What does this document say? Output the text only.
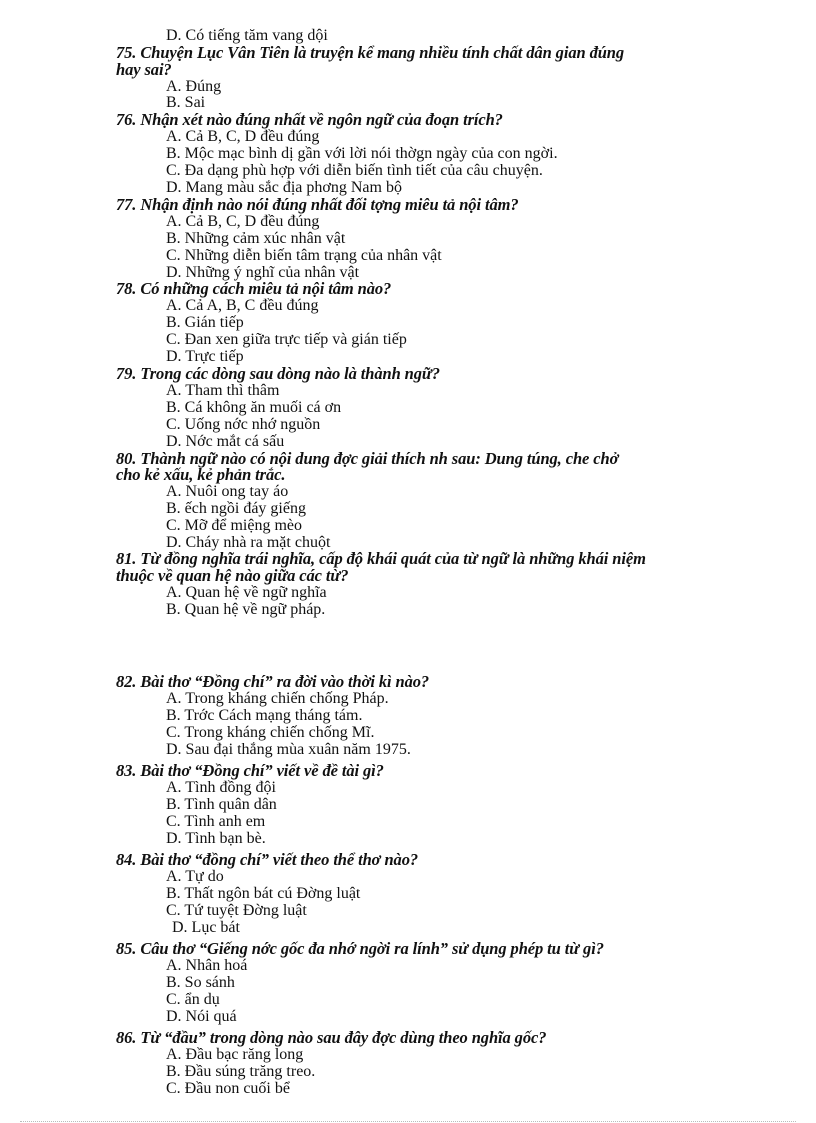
D. Có tiếng tăm vang dội
75. Chuyện Lục Vân Tiên là truyện kể mang nhiều tính chất dân gian đúng
hay sai?
A. Đúng
B. Sai
76. Nhận xét nào đúng nhất về ngôn ngữ của đoạn trích?
A. Cả B, C, D đều đúng
B. Mộc mạc bình dị gần với lời nói thờgn ngày của con ngời.
C. Đa dạng phù hợp với diễn biến tình tiết của câu chuyện.
D. Mang màu sắc địa phơng Nam bộ
77. Nhận định nào nói đúng nhất đối tợng miêu tả nội tâm?
A. Cả B, C, D đều đúng
B. Những cảm xúc nhân vật
C. Những diễn biến tâm trạng của nhân vật
D. Những ý nghĩ của nhân vật
78. Có những cách miêu tả nội tâm nào?
A. Cả A, B, C đều đúng
B. Gián tiếp
C. Đan xen giữa trực tiếp và gián tiếp
D. Trực tiếp
79. Trong các dòng sau dòng nào là thành ngữ?
A. Tham thì thâm
B. Cá không ăn muối cá ơn
C. Uống nớc nhớ nguồn
D. Nớc mắt cá sấu
80. Thành ngữ nào có nội dung đợc giải thích nh sau: Dung túng, che chở
cho kẻ xấu, kẻ phản trắc.
A. Nuôi ong tay áo
B. ếch ngồi đáy giếng
C. Mỡ để miệng mèo
D. Cháy nhà ra mặt chuột
81. Từ đồng nghĩa trái nghĩa, cấp độ khái quát của từ ngữ là những khái niệm
thuộc về quan hệ nào giữa các từ?
A. Quan hệ về ngữ nghĩa
B. Quan hệ về ngữ pháp.
82. Bài thơ “Đồng chí” ra đời vào thời kì nào?
A. Trong kháng chiến chống Pháp.
B. Trớc Cách mạng tháng tám.
C. Trong kháng chiến chống Mĩ.
D. Sau đại thắng mùa xuân năm 1975.
83. Bài thơ “Đồng chí” viết về đề tài gì?
A. Tình đồng đội
B. Tình quân dân
C. Tình anh em
D. Tình bạn bè.
84. Bài thơ “đồng chí” viết theo thể thơ nào?
A. Tự do
B. Thất ngôn bát cú Đờng luật
C. Tứ tuyệt Đờng luật
D. Lục bát
85. Câu thơ “Giếng nớc gốc đa nhớ ngời ra lính” sử dụng phép tu từ gì?
A. Nhân hoá
B. So sánh
C. ẩn dụ
D. Nói quá
86. Từ “đầu” trong dòng nào sau đây đợc dùng theo nghĩa gốc?
A. Đầu bạc răng long
B. Đầu súng trăng treo.
C. Đầu non cuối bể
